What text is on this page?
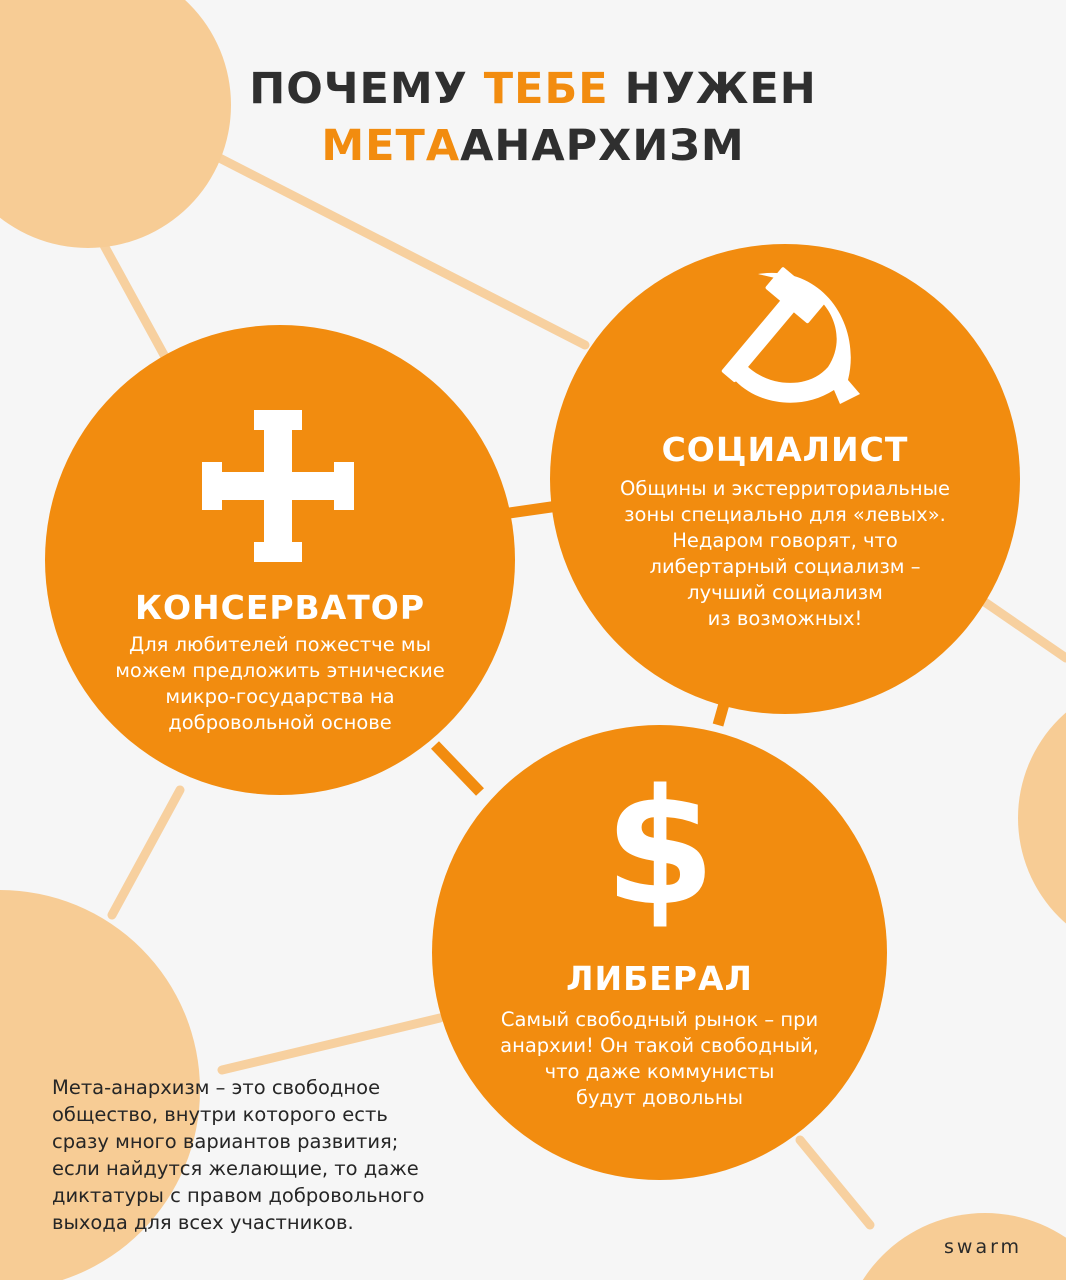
ПОЧЕМУ ТЕБЕ НУЖЕН
МЕТААНАРХИЗМ
$
КОНСЕРВАТОР
Для любителей пожестче мы
можем предложить этнические
микро-государства на
добровольной основе
СОЦИАЛИСТ
Общины и экстерриториальные
зоны специально для «левых».
Недаром говорят, что
либертарный социализм –
лучший социализм
из возможных!
ЛИБЕРАЛ
Самый свободный рынок – при
анархии! Он такой свободный,
что даже коммунисты
будут довольны
Мета-анархизм – это свободное
общество, внутри которого есть
сразу много вариантов развития;
если найдутся желающие, то даже
диктатуры с правом добровольного
выхода для всех участников.
swarm
